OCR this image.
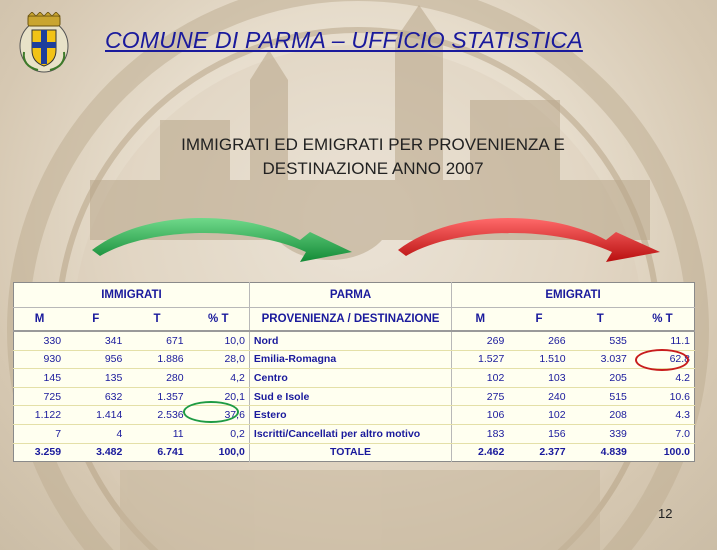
COMUNE DI PARMA – UFFICIO STATISTICA
IMMIGRATI ED EMIGRATI PER PROVENIENZA E
DESTINAZIONE ANNO 2007
IMMIGRATI				PARMA	EMIGRATI			
M	F	T	% T	PROVENIENZA / DESTINAZIONE	M	F	T	% T
330	341	671	10,0	Nord	269	266	535	11.1
930	956	1.886	28,0	Emilia-Romagna	1.527	1.510	3.037	62.8
145	135	280	4,2	Centro	102	103	205	4.2
725	632	1.357	20,1	Sud e Isole	275	240	515	10.6
1.122	1.414	2.536	37,6	Estero	106	102	208	4.3
7	4	11	0,2	Iscritti/Cancellati per altro motivo	183	156	339	7.0
3.259	3.482	6.741	100,0	TOTALE	2.462	2.377	4.839	100.0
12
